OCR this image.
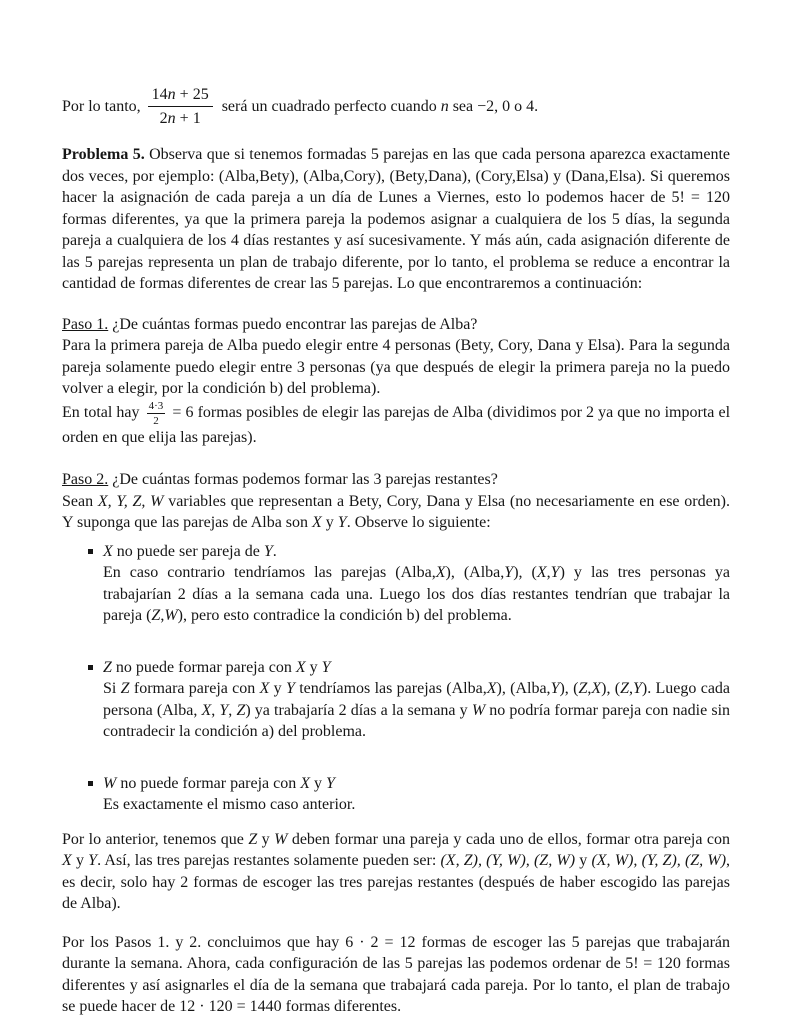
Por lo tanto, $\frac{14n + 25}{2n + 1}$ será un cuadrado perfecto cuando n sea −2, 0 o 4.

Problema 5. Observa que si tenemos formadas 5 parejas en las que cada persona aparezca exactamente dos veces, por ejemplo: (Alba,Bety), (Alba,Cory), (Bety,Dana), (Cory,Elsa) y (Dana,Elsa). Si queremos hacer la asignación de cada pareja a un día de Lunes a Viernes, esto lo podemos hacer de 5! = 120 formas diferentes, ya que la primera pareja la podemos asignar a cualquiera de los 5 días, la segunda pareja a cualquiera de los 4 días restantes y así sucesivamente. Y más aún, cada asignación diferente de las 5 parejas representa un plan de trabajo diferente, por lo tanto, el problema se reduce a encontrar la cantidad de formas diferentes de crear las 5 parejas. Lo que encontraremos a continuación:

Paso 1. ¿De cuántas formas puedo encontrar las parejas de Alba?
Para la primera pareja de Alba puedo elegir entre 4 personas (Bety, Cory, Dana y Elsa). Para la segunda pareja solamente puedo elegir entre 3 personas (ya que después de elegir la primera pareja no la puedo volver a elegir, por la condición b) del problema).
En total hay $\frac{4\cdot 3}{2} = 6$ formas posibles de elegir las parejas de Alba (dividimos por 2 ya que no importa el orden en que elija las parejas).

Paso 2. ¿De cuántas formas podemos formar las 3 parejas restantes?
Sean X, Y, Z, W variables que representan a Bety, Cory, Dana y Elsa (no necesariamente en ese orden). Y suponga que las parejas de Alba son X y Y. Observe lo siguiente:

X no puede ser pareja de Y.
En caso contrario tendríamos las parejas (Alba,X), (Alba,Y), (X,Y) y las tres personas ya trabajarían 2 días a la semana cada una. Luego los dos días restantes tendrían que trabajar la pareja (Z,W), pero esto contradice la condición b) del problema.
Z no puede formar pareja con X y Y
Si Z formara pareja con X y Y tendríamos las parejas (Alba,X), (Alba,Y), (Z,X), (Z,Y). Luego cada persona (Alba, X, Y, Z) ya trabajaría 2 días a la semana y W no podría formar pareja con nadie sin contradecir la condición a) del problema.
W no puede formar pareja con X y Y
Es exactamente el mismo caso anterior.

Por lo anterior, tenemos que Z y W deben formar una pareja y cada uno de ellos, formar otra pareja con X y Y. Así, las tres parejas restantes solamente pueden ser: (X, Z), (Y, W), (Z, W) y (X, W), (Y, Z), (Z, W), es decir, solo hay 2 formas de escoger las tres parejas restantes (después de haber escogido las parejas de Alba).

Por los Pasos 1. y 2. concluimos que hay 6 · 2 = 12 formas de escoger las 5 parejas que trabajarán durante la semana. Ahora, cada configuración de las 5 parejas las podemos ordenar de 5! = 120 formas diferentes y así asignarles el día de la semana que trabajará cada pareja. Por lo tanto, el plan de trabajo se puede hacer de 12 · 120 = 1440 formas diferentes.
